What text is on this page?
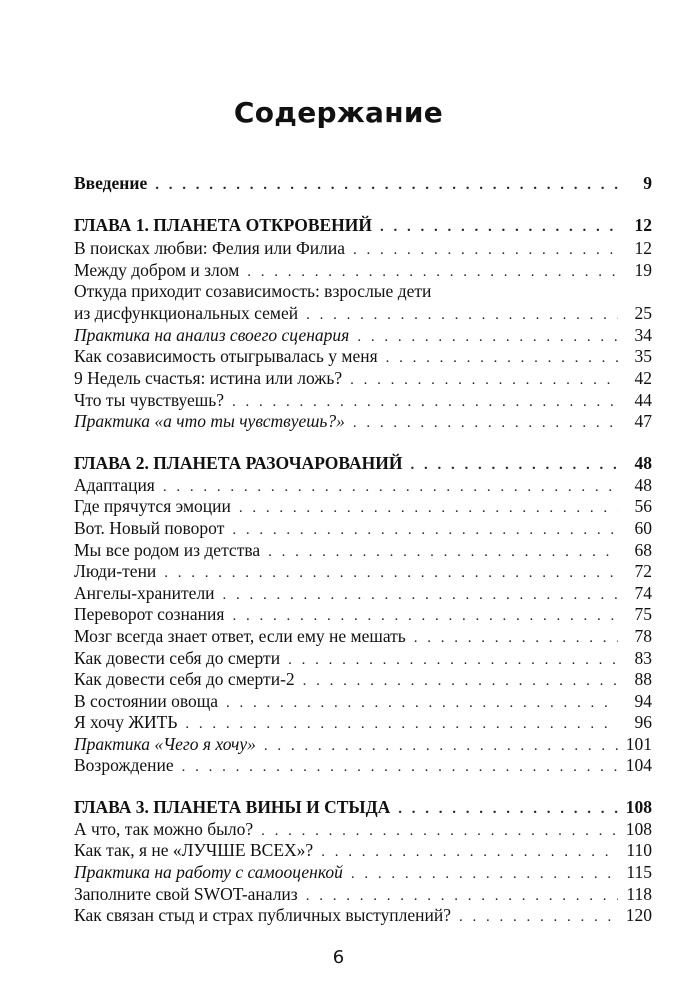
Содержание
Введение . . .	9
ГЛАВА 1. ПЛАНЕТА ОТКРОВЕНИЙ . . .	12
В поисках любви: Фелия или Филиа . . .	12
Между добром и злом . . .	19
Откуда приходит созависимость: взрослые дети
из дисфункциональных семей . . .	25
Практика на анализ своего сценария . . .	34
Как созависимость отыгрывалась у меня . . .	35
9 Недель счастья: истина или ложь? . . .	42
Что ты чувствуешь? . . .	44
Практика «а что ты чувствуешь?» . . .	47
ГЛАВА 2. ПЛАНЕТА РАЗОЧАРОВАНИЙ . . .	48
Адаптация . . .	48
Где прячутся эмоции . . .	56
Вот. Новый поворот . . .	60
Мы все родом из детства . . .	68
Люди-тени . . .	72
Ангелы-хранители . . .	74
Переворот сознания . . .	75
Мозг всегда знает ответ, если ему не мешать . . .	78
Как довести себя до смерти . . .	83
Как довести себя до смерти-2 . . .	88
В состоянии овоща . . .	94
Я хочу ЖИТЬ . . .	96
Практика «Чего я хочу» . . .	101
Возрождение . . .	104
ГЛАВА 3. ПЛАНЕТА ВИНЫ И СТЫДА . . .	108
А что, так можно было? . . .	108
Как так, я не «ЛУЧШЕ ВСЕХ»? . . .	110
Практика на работу с самооценкой . . .	115
Заполните свой SWOT-анализ . . .	118
Как связан стыд и страх публичных выступлений? . . .	120
6
